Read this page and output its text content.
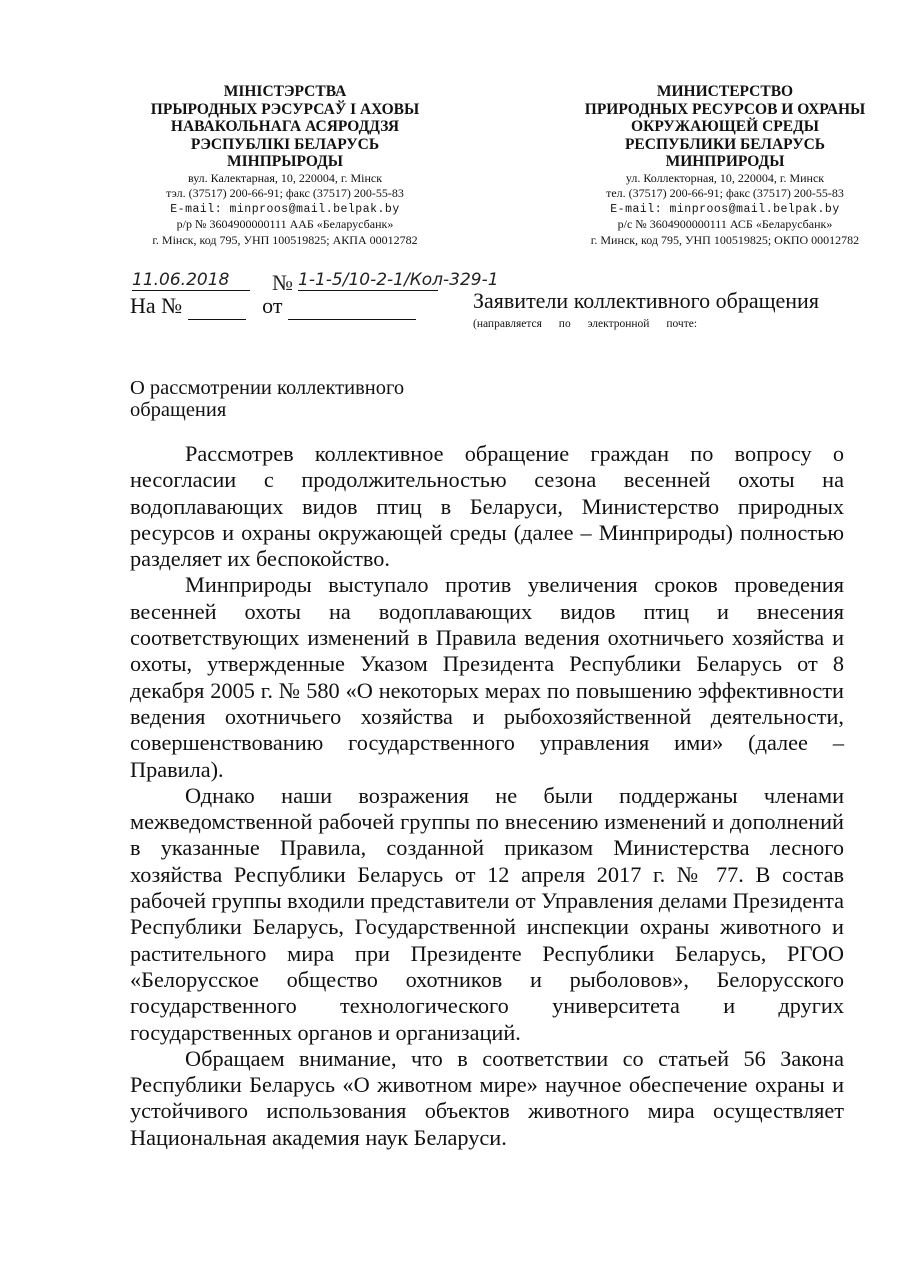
МІНІСТЭРСТВА
ПРЫРОДНЫХ РЭСУРСАЎ І АХОВЫ
НАВАКОЛЬНАГА АСЯРОДДЗЯ
РЭСПУБЛІКІ БЕЛАРУСЬ
МІНПРЫРОДЫ
вул. Калектарная, 10, 220004, г. Мінск
тэл. (37517) 200-66-91; факс (37517) 200-55-83
E-mail: minproos@mail.belpak.by
р/р № 3604900000111 ААБ «Беларусбанк»
г. Мінск, код 795, УНП 100519825; АКПА 00012782
МИНИСТЕРСТВО
ПРИРОДНЫХ РЕСУРСОВ И ОХРАНЫ
ОКРУЖАЮЩЕЙ СРЕДЫ
РЕСПУБЛИКИ БЕЛАРУСЬ
МИНПРИРОДЫ
ул. Коллекторная, 10, 220004, г. Минск
тел. (37517) 200-66-91; факс (37517) 200-55-83
E-mail: minproos@mail.belpak.by
р/с № 3604900000111 АСБ «Беларусбанк»
г. Минск, код 795, УНП 100519825; ОКПО 00012782
11.06.2018	№ 1-1-5/10-2-1/Кол-329-1
На №	от	Заявители коллективного обращения
(направляется по электронной почте:
О рассмотрении коллективного обращения

Рассмотрев коллективное обращение граждан по вопросу о несогласии с продолжительностью сезона весенней охоты на водоплавающих видов птиц в Беларуси, Министерство природных ресурсов и охраны окружающей среды (далее – Минприроды) полностью разделяет их беспокойство.

Минприроды выступало против увеличения сроков проведения весенней охоты на водоплавающих видов птиц и внесения соответствующих изменений в Правила ведения охотничьего хозяйства и охоты, утвержденные Указом Президента Республики Беларусь от 8 декабря 2005 г. № 580 «О некоторых мерах по повышению эффективности ведения охотничьего хозяйства и рыбохозяйственной деятельности, совершенствованию государственного управления ими» (далее – Правила).

Однако наши возражения не были поддержаны членами межведомственной рабочей группы по внесению изменений и дополнений в указанные Правила, созданной приказом Министерства лесного хозяйства Республики Беларусь от 12 апреля 2017 г. № 77. В состав рабочей группы входили представители от Управления делами Президента Республики Беларусь, Государственной инспекции охраны животного и растительного мира при Президенте Республики Беларусь, РГОО «Белорусское общество охотников и рыболовов», Белорусского государственного технологического университета и других государственных органов и организаций.

Обращаем внимание, что в соответствии со статьей 56 Закона Республики Беларусь «О животном мире» научное обеспечение охраны и устойчивого использования объектов животного мира осуществляет Национальная академия наук Беларуси.
